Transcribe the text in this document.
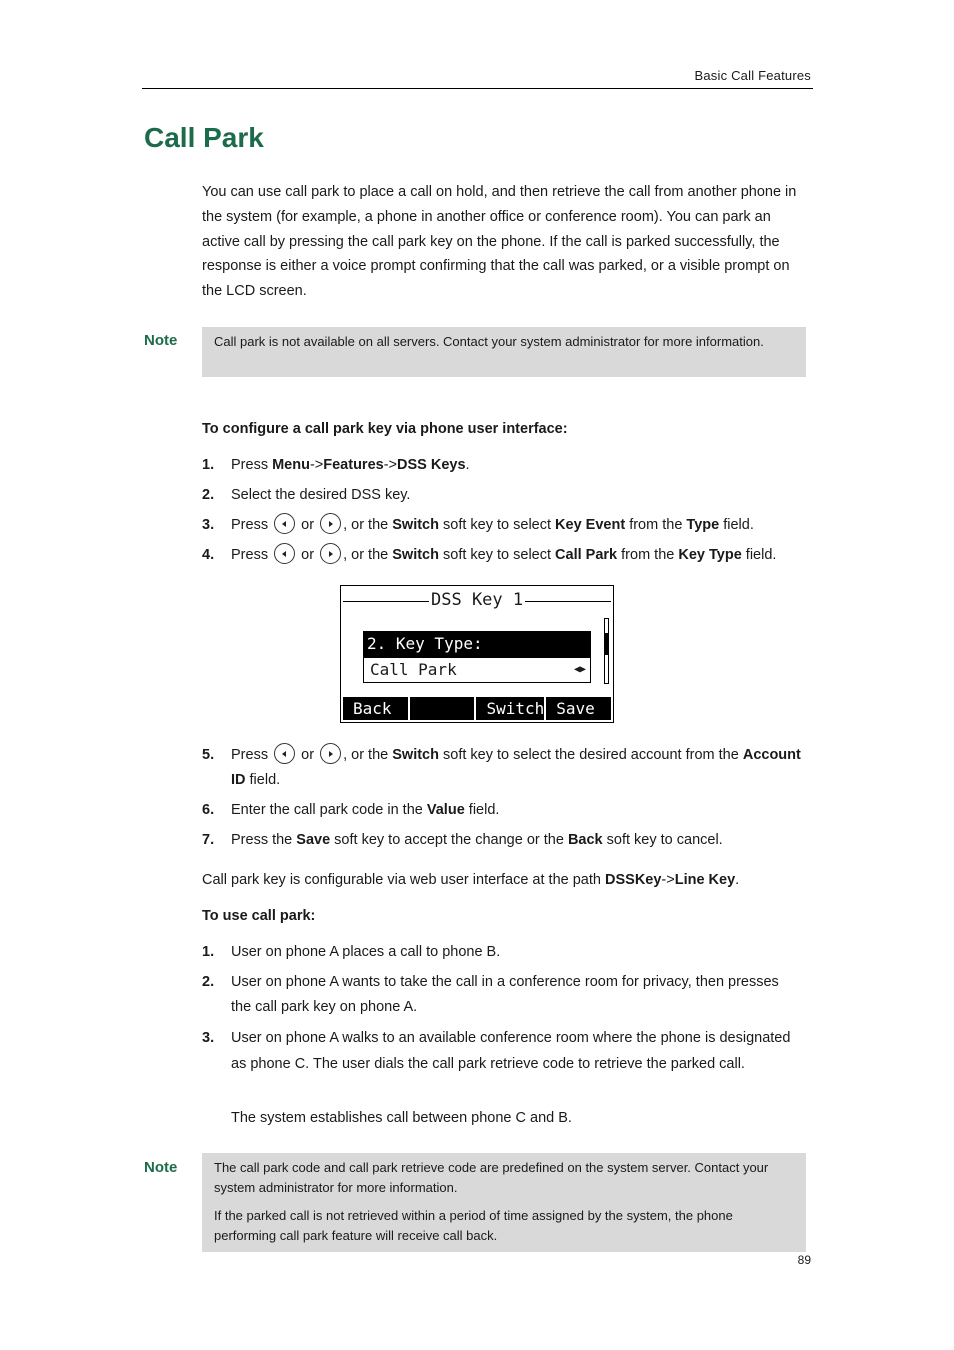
Basic Call Features
Call Park

You can use call park to place a call on hold, and then retrieve the call from another phone in the system (for example, a phone in another office or conference room). You can park an active call by pressing the call park key on the phone. If the call is parked successfully, the response is either a voice prompt confirming that the call was parked, or a visible prompt on the LCD screen.

Note	Call park is not available on all servers. Contact your system administrator for more information.

To configure a call park key via phone user interface:
1. Press Menu->Features->DSS Keys.
2. Select the desired DSS key.
3. Press or , or the Switch soft key to select Key Event from the Type field.
4. Press or , or the Switch soft key to select Call Park from the Key Type field.
DSS Key 1
2. Key Type:
Call Park	◀▶
Back	Switch Save
5. Press or , or the Switch soft key to select the desired account from the Account ID field.
6. Enter the call park code in the Value field.
7. Press the Save soft key to accept the change or the Back soft key to cancel.
Call park key is configurable via web user interface at the path DSSKey->Line Key.
To use call park:
1. User on phone A places a call to phone B.
2. User on phone A wants to take the call in a conference room for privacy, then presses the call park key on phone A.
3. User on phone A walks to an available conference room where the phone is designated as phone C. The user dials the call park retrieve code to retrieve the parked call.
The system establishes call between phone C and B.
Note	The call park code and call park retrieve code are predefined on the system server. Contact your system administrator for more information.

If the parked call is not retrieved within a period of time assigned by the system, the phone performing call park feature will receive call back.

89
